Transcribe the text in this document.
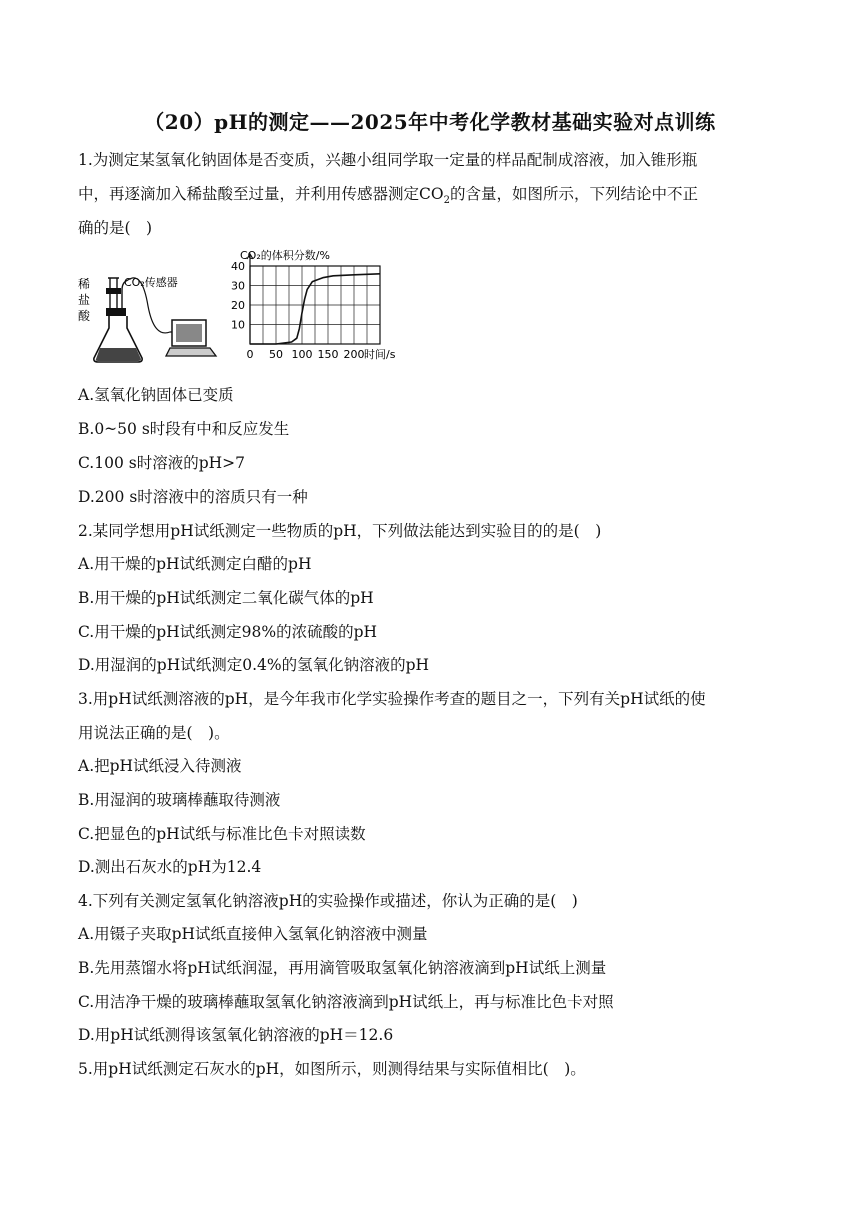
（20）pH的测定——2025年中考化学教材基础实验对点训练
1.为测定某氢氧化钠固体是否变质，兴趣小组同学取一定量的样品配制成溶液，加入锥形瓶
中，再逐滴加入稀盐酸至过量，并利用传感器测定$CO_2$的含量，如图所示，下列结论中不正
确的是(　)
稀
盐
酸
CO₂传感器
CO₂的体积分数/%
时间/s
10
20
30
40
0 50 100 150 200
A.氢氧化钠固体已变质
B.0~50 s时段有中和反应发生
C.100 s时溶液的pH>7
D.200 s时溶液中的溶质只有一种
2.某同学想用pH试纸测定一些物质的pH，下列做法能达到实验目的的是(　)
A.用干燥的pH试纸测定白醋的pH
B.用干燥的pH试纸测定二氧化碳气体的pH
C.用干燥的pH试纸测定98%的浓硫酸的pH
D.用湿润的pH试纸测定0.4%的氢氧化钠溶液的pH
3.用pH试纸测溶液的pH，是今年我市化学实验操作考查的题目之一，下列有关pH试纸的使
用说法正确的是(　)。
A.把pH试纸浸入待测液
B.用湿润的玻璃棒蘸取待测液
C.把显色的pH试纸与标准比色卡对照读数
D.测出石灰水的pH为12.4
4.下列有关测定氢氧化钠溶液pH的实验操作或描述，你认为正确的是(　)
A.用镊子夹取pH试纸直接伸入氢氧化钠溶液中测量
B.先用蒸馏水将pH试纸润湿，再用滴管吸取氢氧化钠溶液滴到pH试纸上测量
C.用洁净干燥的玻璃棒蘸取氢氧化钠溶液滴到pH试纸上，再与标准比色卡对照
D.用pH试纸测得该氢氧化钠溶液的pH＝12.6
5.用pH试纸测定石灰水的pH，如图所示，则测得结果与实际值相比(　)。
